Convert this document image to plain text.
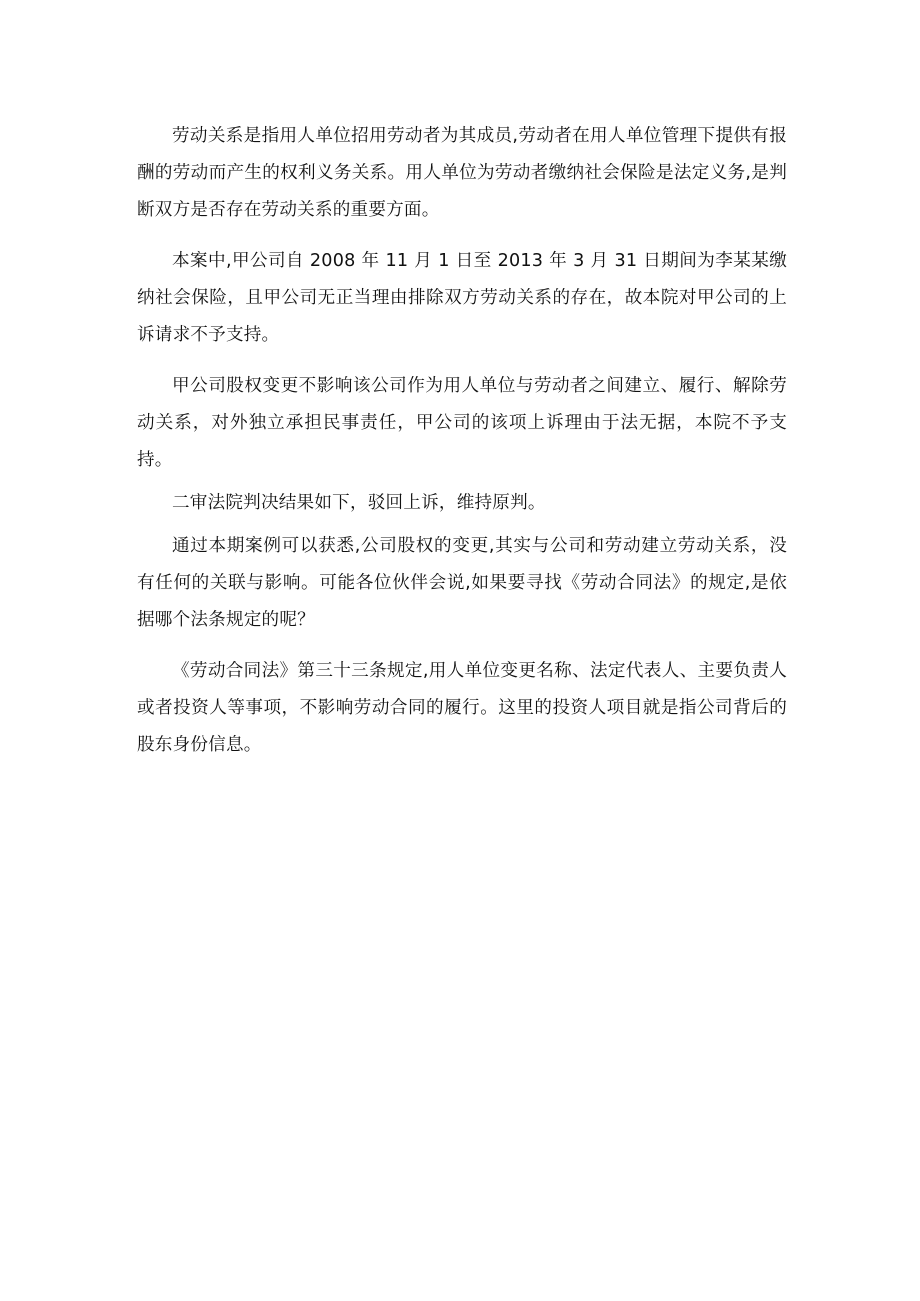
劳动关系是指用人单位招用劳动者为其成员,劳动者在用人单位管理下提供有报酬的劳动而产生的权利义务关系。用人单位为劳动者缴纳社会保险是法定义务,是判断双方是否存在劳动关系的重要方面。

本案中,甲公司自 2008 年 11 月 1 日至 2013 年 3 月 31 日期间为李某某缴纳社会保险，且甲公司无正当理由排除双方劳动关系的存在，故本院对甲公司的上诉请求不予支持。

甲公司股权变更不影响该公司作为用人单位与劳动者之间建立、履行、解除劳动关系，对外独立承担民事责任，甲公司的该项上诉理由于法无据，本院不予支持。

二审法院判决结果如下，驳回上诉，维持原判。

通过本期案例可以获悉,公司股权的变更,其实与公司和劳动建立劳动关系，没有任何的关联与影响。可能各位伙伴会说,如果要寻找《劳动合同法》的规定,是依据哪个法条规定的呢？

《劳动合同法》第三十三条规定,用人单位变更名称、法定代表人、主要负责人或者投资人等事项，不影响劳动合同的履行。这里的投资人项目就是指公司背后的股东身份信息。
